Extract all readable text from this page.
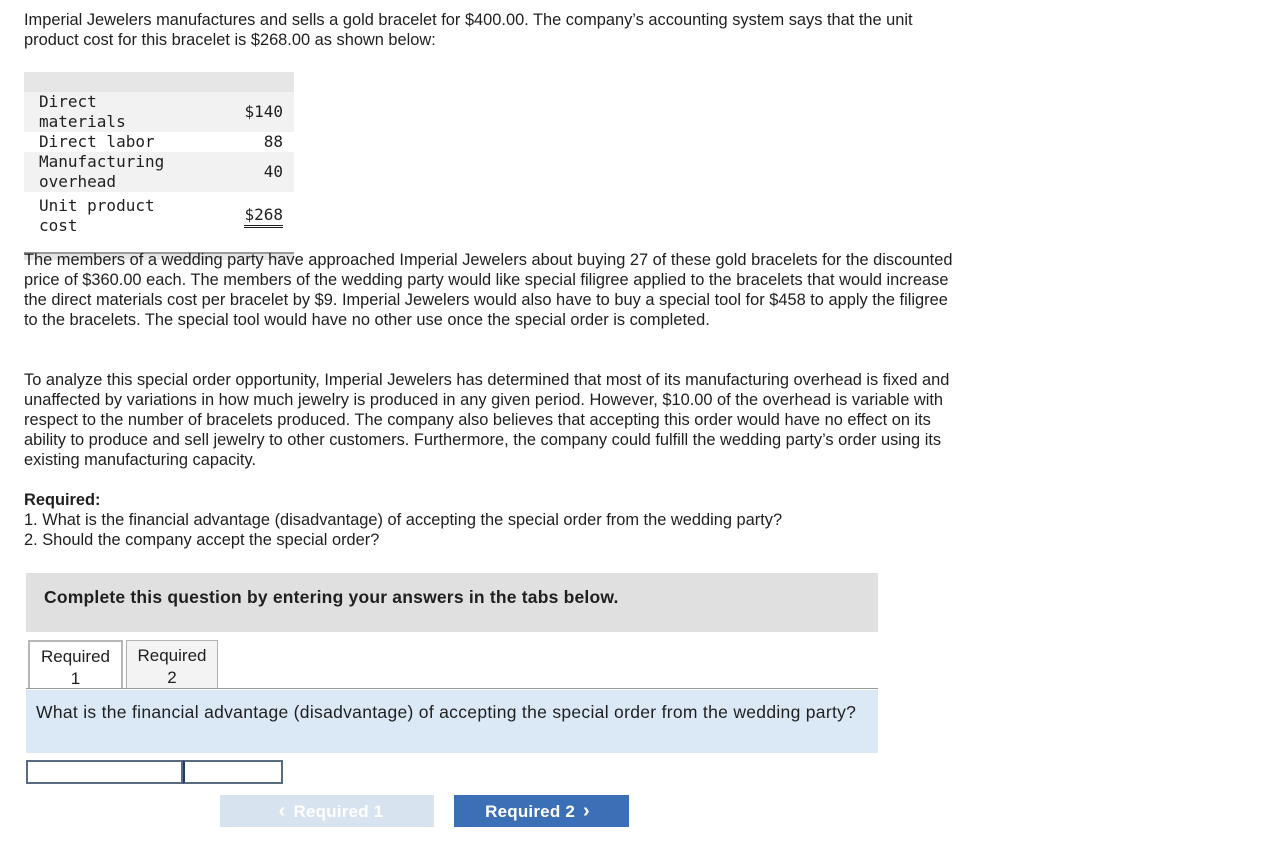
Imperial Jewelers manufactures and sells a gold bracelet for $400.00. The company’s accounting system says that the unit product cost for this bracelet is $268.00 as shown below:

Direct materials	$140
Direct labor	88
Manufacturing overhead	40
Unit product cost	$268

The members of a wedding party have approached Imperial Jewelers about buying 27 of these gold bracelets for the discounted price of $360.00 each. The members of the wedding party would like special filigree applied to the bracelets that would increase the direct materials cost per bracelet by $9. Imperial Jewelers would also have to buy a special tool for $458 to apply the filigree to the bracelets. The special tool would have no other use once the special order is completed.

To analyze this special order opportunity, Imperial Jewelers has determined that most of its manufacturing overhead is fixed and unaffected by variations in how much jewelry is produced in any given period. However, $10.00 of the overhead is variable with respect to the number of bracelets produced. The company also believes that accepting this order would have no effect on its ability to produce and sell jewelry to other customers. Furthermore, the company could fulfill the wedding party’s order using its existing manufacturing capacity.

Required:
1. What is the financial advantage (disadvantage) of accepting the special order from the wedding party?
2. Should the company accept the special order?
Complete this question by entering your answers in the tabs below.
Required
1
Required
2
What is the financial advantage (disadvantage) of accepting the special order from the wedding party?
‹ Required 1	Required 2 ›
